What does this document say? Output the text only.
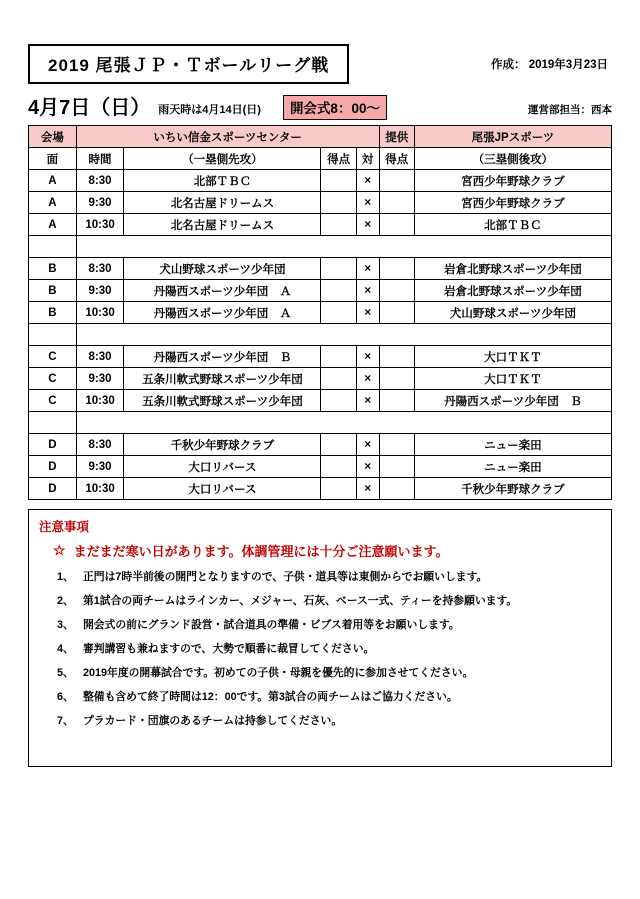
2019 尾張ＪＰ・Ｔボールリーグ戦	作成： 2019年3月23日
4月7日（日） 雨天時は4月14日(日)	開会式8：00〜	運営部担当：西本
会場	いちい信金スポーツセンター				提供	尾張JPスポーツ
面	時間	（一塁側先攻）	得点	対	得点	（三塁側後攻）
A	8:30	北部ＴＢＣ		×		宮西少年野球クラブ
A	9:30	北名古屋ドリームス		×		宮西少年野球クラブ
A	10:30	北名古屋ドリームス		×		北部ＴＢＣ

B	8:30	犬山野球スポーツ少年団		×		岩倉北野球スポーツ少年団
B	9:30	丹陽西スポーツ少年団　Ａ		×		岩倉北野球スポーツ少年団
B	10:30	丹陽西スポーツ少年団　Ａ		×		犬山野球スポーツ少年団

C	8:30	丹陽西スポーツ少年団　Ｂ		×		大口ＴＫＴ
C	9:30	五条川軟式野球スポーツ少年団		×		大口ＴＫＴ
C	10:30	五条川軟式野球スポーツ少年団		×		丹陽西スポーツ少年団　Ｂ

D	8:30	千秋少年野球クラブ		×		ニュー楽田
D	9:30	大口リバース		×		ニュー楽田
D	10:30	大口リバース		×		千秋少年野球クラブ
注意事項
☆ まだまだ寒い日があります。体調管理には十分ご注意願います。
1、 正門は7時半前後の開門となりますので、子供・道具等は東側からでお願いします。
2、 第1試合の両チームはラインカー、メジャー、石灰、ベース一式、ティーを持参願います。
3、 開会式の前にグランド設営・試合道具の準備・ビブス着用等をお願いします。
4、 審判講習も兼ねますので、大勢で順番に裁冒してください。
5、 2019年度の開幕試合です。初めての子供・母親を優先的に参加させてください。
6、 整備も含めて終了時間は12：00です。第3試合の両チームはご協力ください。
7、 プラカード・団旗のあるチームは持参してください。
